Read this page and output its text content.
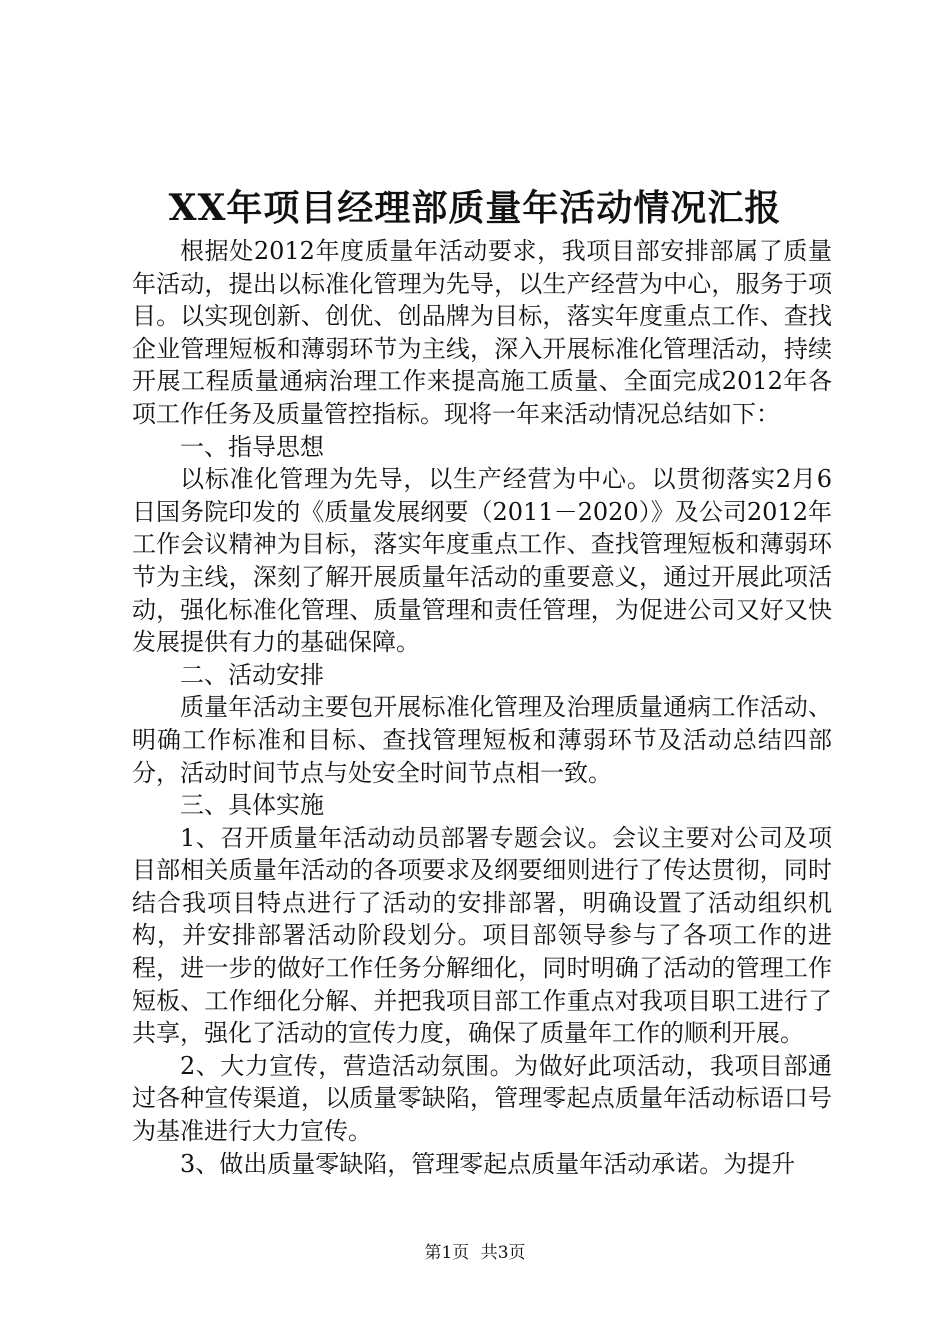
XX年项目经理部质量年活动情况汇报

根据处2012年度质量年活动要求，我项目部安排部属了质量年活动，提出以标准化管理为先导，以生产经营为中心，服务于项目。以实现创新、创优、创品牌为目标，落实年度重点工作、查找企业管理短板和薄弱环节为主线，深入开展标准化管理活动，持续开展工程质量通病治理工作来提高施工质量、全面完成2012年各项工作任务及质量管控指标。现将一年来活动情况总结如下：

一、指导思想

以标准化管理为先导，以生产经营为中心。以贯彻落实2月6日国务院印发的《质量发展纲要（2011－2020）》及公司2012年工作会议精神为目标，落实年度重点工作、查找管理短板和薄弱环节为主线，深刻了解开展质量年活动的重要意义，通过开展此项活动，强化标准化管理、质量管理和责任管理，为促进公司又好又快发展提供有力的基础保障。

二、活动安排

质量年活动主要包开展标准化管理及治理质量通病工作活动、明确工作标准和目标、查找管理短板和薄弱环节及活动总结四部分，活动时间节点与处安全时间节点相一致。

三、具体实施

1、召开质量年活动动员部署专题会议。会议主要对公司及项目部相关质量年活动的各项要求及纲要细则进行了传达贯彻，同时结合我项目特点进行了活动的安排部署，明确设置了活动组织机构，并安排部署活动阶段划分。项目部领导参与了各项工作的进程，进一步的做好工作任务分解细化，同时明确了活动的管理工作短板、工作细化分解、并把我项目部工作重点对我项目职工进行了共享，强化了活动的宣传力度，确保了质量年工作的顺利开展。

2、大力宣传，营造活动氛围。为做好此项活动，我项目部通过各种宣传渠道，以质量零缺陷，管理零起点质量年活动标语口号为基准进行大力宣传。

3、做出质量零缺陷，管理零起点质量年活动承诺。为提升

第1页 共3页
